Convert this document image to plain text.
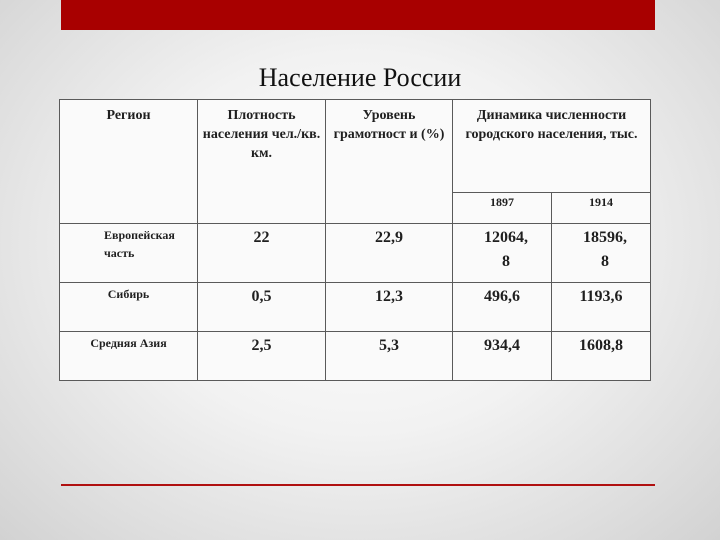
Население России
Регион	Плотность населения чел./кв. км.	Уровень грамотност и (%)	Динамика численности городского населения, тыс.	
			1897	1914
Европейская часть	22	22,9	12064, 8	18596, 8
Сибирь	0,5	12,3	496,6	1193,6
Средняя Азия	2,5	5,3	934,4	1608,8
